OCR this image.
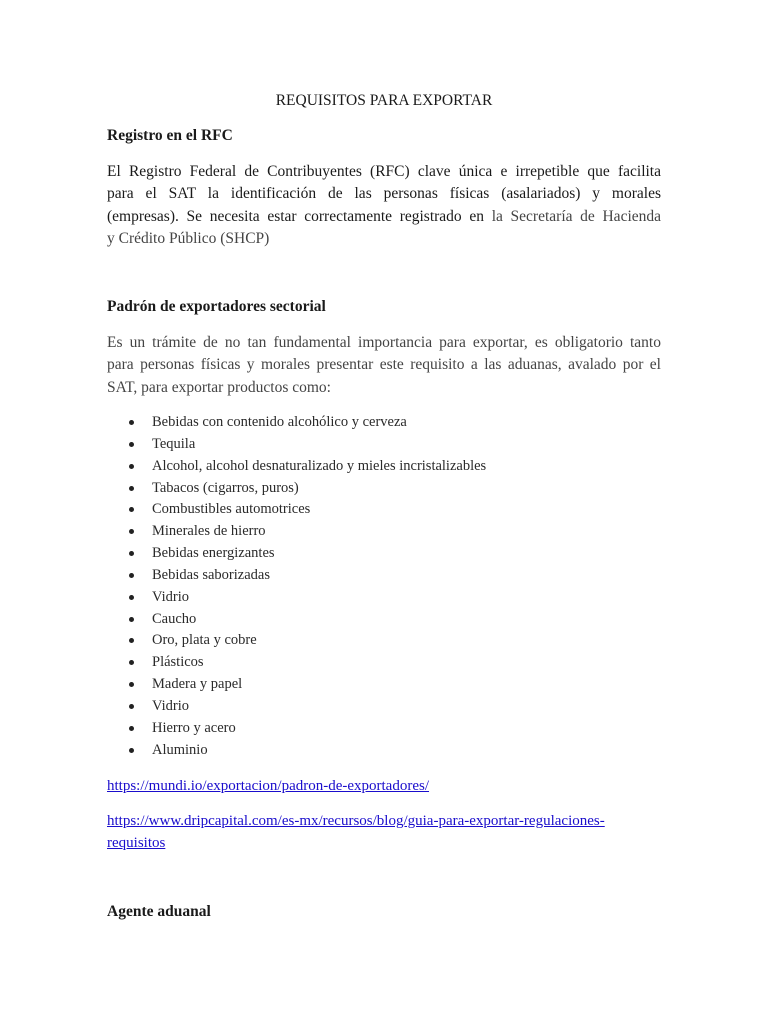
REQUISITOS PARA EXPORTAR
Registro en el RFC

El Registro Federal de Contribuyentes (RFC) clave única e irrepetible que facilita
para el SAT la identificación de las personas físicas (asalariados) y morales
(empresas). Se necesita estar correctamente registrado en la Secretaría de Hacienda
y Crédito Público (SHCP)

Padrón de exportadores sectorial

Es un trámite de no tan fundamental importancia para exportar, es obligatorio tanto
para personas físicas y morales presentar este requisito a las aduanas, avalado por el
SAT, para exportar productos como:

Bebidas con contenido alcohólico y cerveza
Tequila
Alcohol, alcohol desnaturalizado y mieles incristalizables
Tabacos (cigarros, puros)
Combustibles automotrices
Minerales de hierro
Bebidas energizantes
Bebidas saborizadas
Vidrio
Caucho
Oro, plata y cobre
Plásticos
Madera y papel
Vidrio
Hierro y acero
Aluminio
https://mundi.io/exportacion/padron-de-exportadores/
https://www.dripcapital.com/es-mx/recursos/blog/guia-para-exportar-regulaciones-
requisitos
Agente aduanal
